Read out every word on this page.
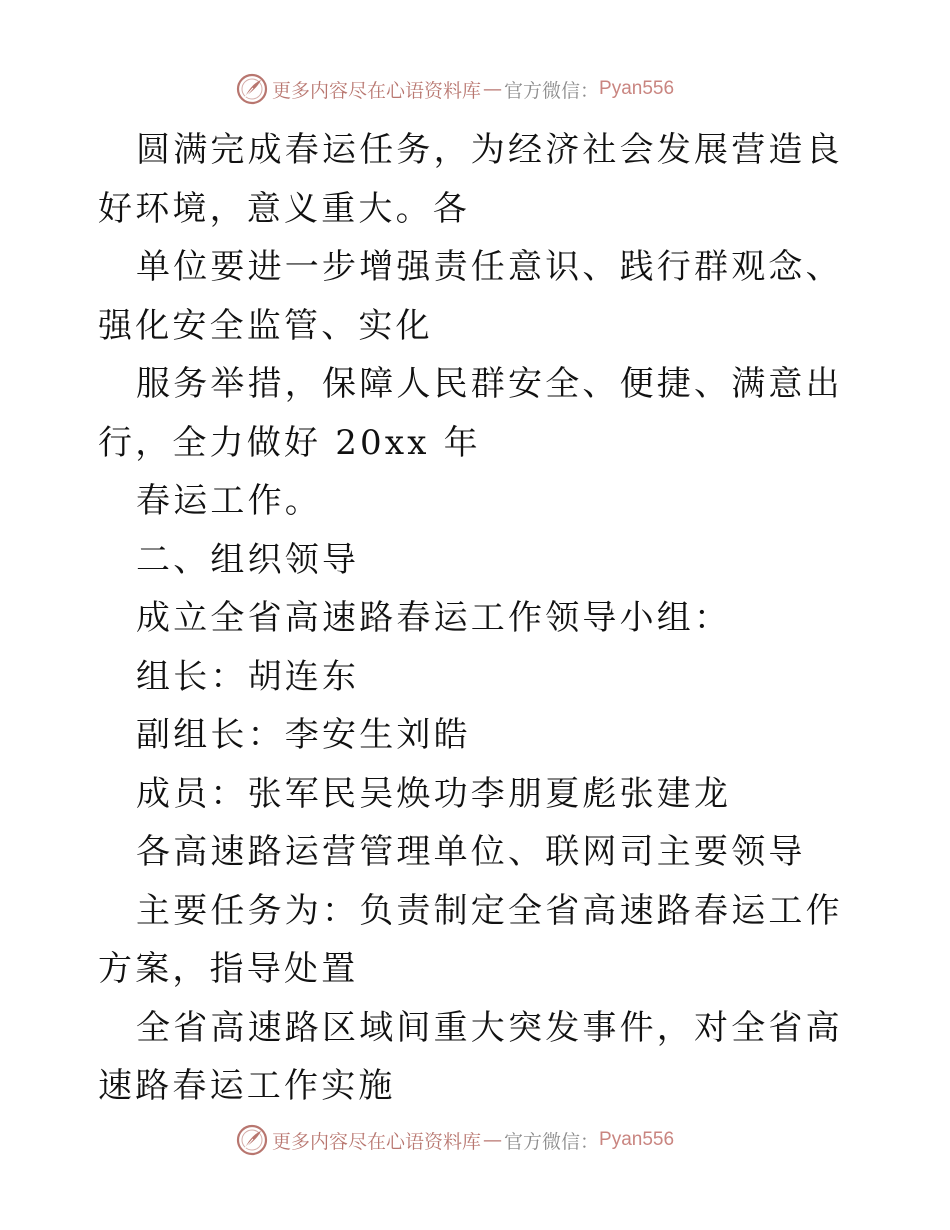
更多内容尽在心语资料库 — 官方微信： Pyan556

圆满完成春运任务，为经济社会发展营造良好环境，意义重大。各

单位要进一步增强责任意识、践行群观念、强化安全监管、实化

服务举措，保障人民群安全、便捷、满意出行，全力做好 20xx 年

春运工作。

二、组织领导

成立全省高速路春运工作领导小组：

组长：胡连东

副组长：李安生刘皓

成员：张军民吴焕功李朋夏彪张建龙

各高速路运营管理单位、联网司主要领导

主要任务为：负责制定全省高速路春运工作方案，指导处置

全省高速路区域间重大突发事件，对全省高速路春运工作实施

更多内容尽在心语资料库 — 官方微信： Pyan556
